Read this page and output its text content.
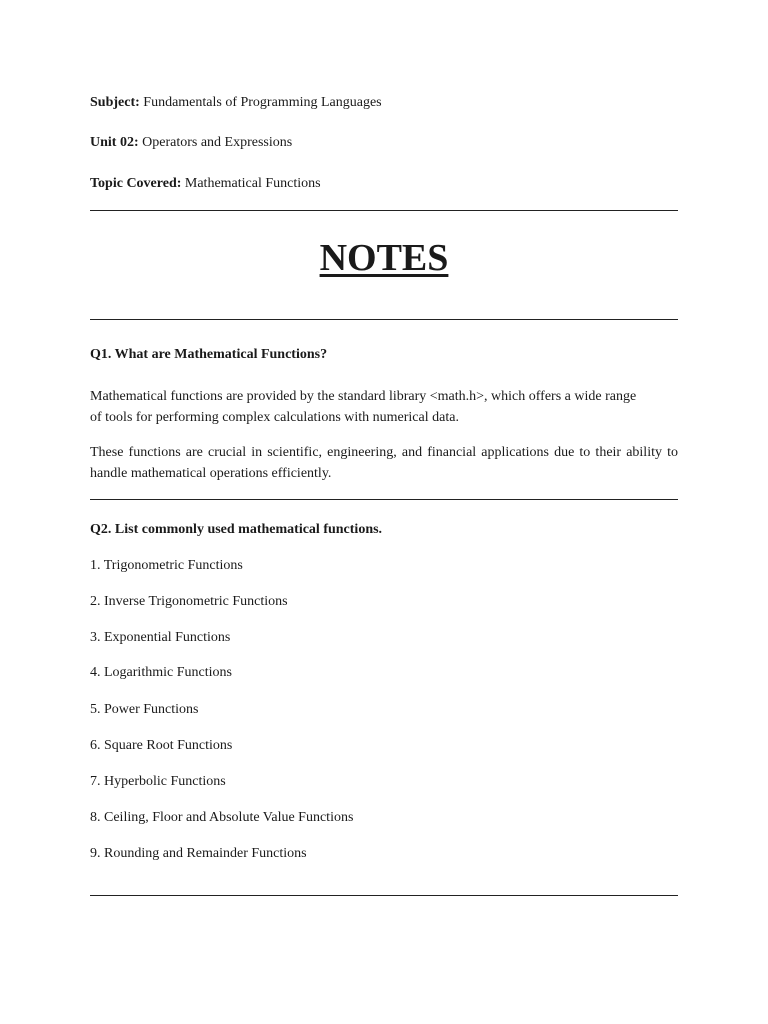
Subject: Fundamentals of Programming Languages
Unit 02: Operators and Expressions
Topic Covered: Mathematical Functions
NOTES
Q1. What are Mathematical Functions?
Mathematical functions are provided by the standard library <math.h>, which offers a wide range of tools for performing complex calculations with numerical data.
These functions are crucial in scientific, engineering, and financial applications due to their ability to handle mathematical operations efficiently.
Q2. List commonly used mathematical functions.
1. Trigonometric Functions
2. Inverse Trigonometric Functions
3. Exponential Functions
4. Logarithmic Functions
5. Power Functions
6. Square Root Functions
7. Hyperbolic Functions
8. Ceiling, Floor and Absolute Value Functions
9. Rounding and Remainder Functions
